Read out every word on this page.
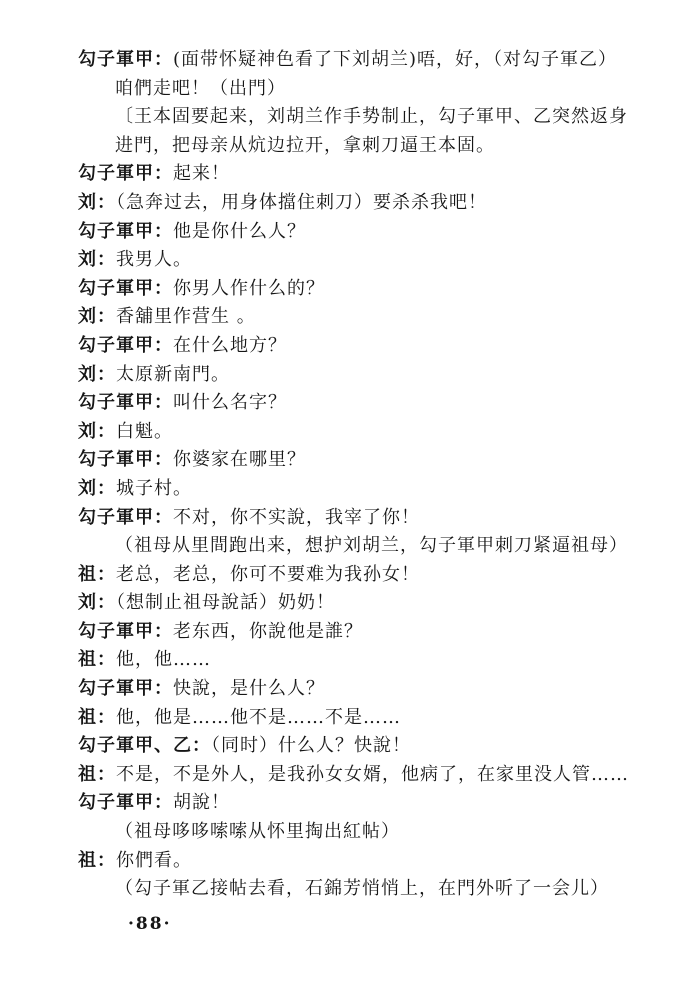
勾子軍甲：(面带怀疑神色看了下刘胡兰)唔，好，（对勾子軍乙）
咱們走吧！（出門）
〔王本固要起来，刘胡兰作手势制止，勾子軍甲、乙突然返身
进門，把母亲从炕边拉开，拿刺刀逼王本固。
勾子軍甲：起来！
刘：（急奔过去，用身体擋住刺刀）要杀杀我吧！
勾子軍甲：他是你什么人？
刘：我男人。
勾子軍甲：你男人作什么的？
刘：香舖里作营生 。
勾子軍甲：在什么地方？
刘：太原新南門。
勾子軍甲：叫什么名字？
刘：白魁。
勾子軍甲：你婆家在哪里？
刘：城子村。
勾子軍甲：不对，你不实說，我宰了你！
（祖母从里間跑出来，想护刘胡兰，勾子軍甲刺刀紧逼祖母）
祖：老总，老总，你可不要难为我孙女！
刘：（想制止祖母說話）奶奶！
勾子軍甲：老东西，你說他是誰？
祖：他，他……
勾子軍甲：快說，是什么人？
祖：他，他是……他不是……不是……
勾子軍甲、乙：（同时）什么人？快說！
祖：不是，不是外人，是我孙女女婿，他病了，在家里没人管……
勾子軍甲：胡說！
（祖母哆哆嗦嗦从怀里掏出紅帖）
祖：你們看。
（勾子軍乙接帖去看，石錦芳悄悄上，在門外听了一会儿）
·88·
